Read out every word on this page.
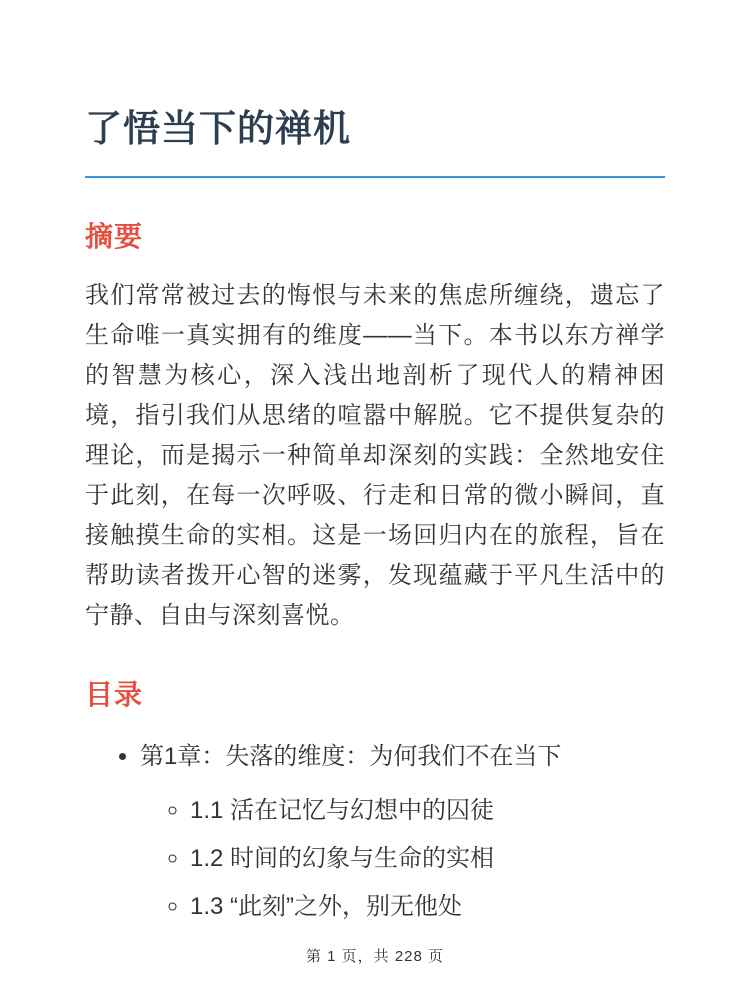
了悟当下的禅机
摘要

我们常常被过去的悔恨与未来的焦虑所缠绕，遗忘了生命唯一真实拥有的维度——当下。本书以东方禅学的智慧为核心，深入浅出地剖析了现代人的精神困境，指引我们从思绪的喧嚣中解脱。它不提供复杂的理论，而是揭示一种简单却深刻的实践：全然地安住于此刻，在每一次呼吸、行走和日常的微小瞬间，直接触摸生命的实相。这是一场回归内在的旅程，旨在帮助读者拨开心智的迷雾，发现蕴藏于平凡生活中的宁静、自由与深刻喜悦。

目录
• 第1章：失落的维度：为何我们不在当下
◦ 1.1 活在记忆与幻想中的囚徒
◦ 1.2 时间的幻象与生命的实相
◦ 1.3 “此刻”之外，别无他处
第 1 页，共 228 页
